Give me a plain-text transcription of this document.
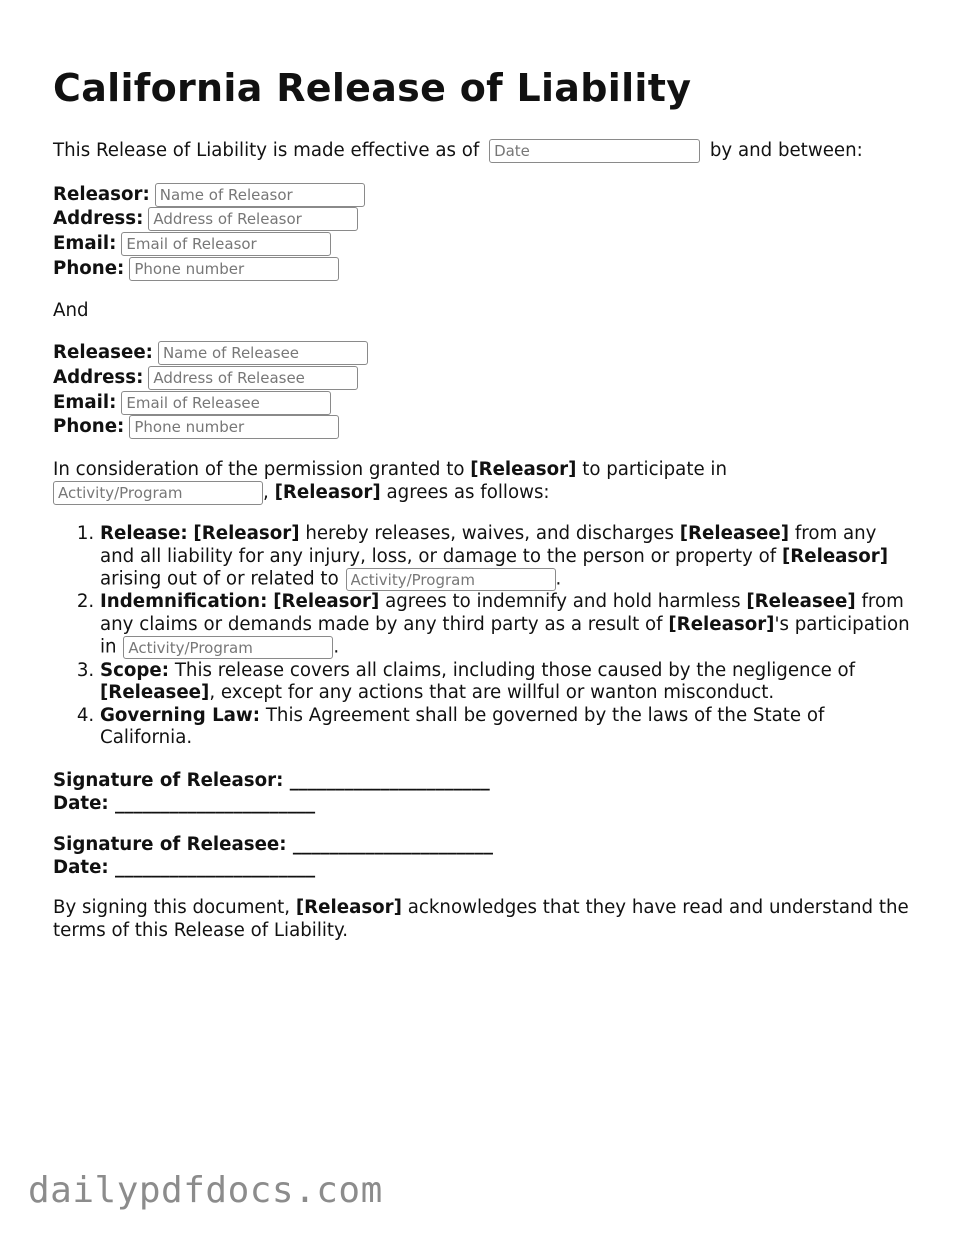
California Release of Liability
This Release of Liability is made effective as of Date	by and between:
Releasor:Name of Releasor
Address:Address of Releasor
Email:Email of Releasor
Phone:Phone number
And
Releasee:Name of Releasee
Address:Address of Releasee
Email:Email of Releasee
Phone:Phone number
In consideration of the permission granted to [Releasor] to participate in
Activity/Program, [Releasor] agrees as follows:
1. Release: [Releasor] hereby releases, waives, and discharges [Releasee] from any and all liability for any injury, loss, or damage to the person or property of [Releasor] arising out of or related to Activity/Program	.
2. Indemnification: [Releasor] agrees to indemnify and hold harmless [Releasee] from any claims or demands made by any third party as a result of [Releasor]'s participation in Activity/Program	.
3. Scope: This release covers all claims, including those caused by the negligence of [Releasee], except for any actions that are willful or wanton misconduct.
4. Governing Law: This Agreement shall be governed by the laws of the State of California.
Signature of Releasor: ______________________
Date: ______________________
Signature of Releasee: ______________________
Date: ______________________
By signing this document, [Releasor] acknowledges that they have read and understand the terms of this Release of Liability.
dailypdfdocs.com
